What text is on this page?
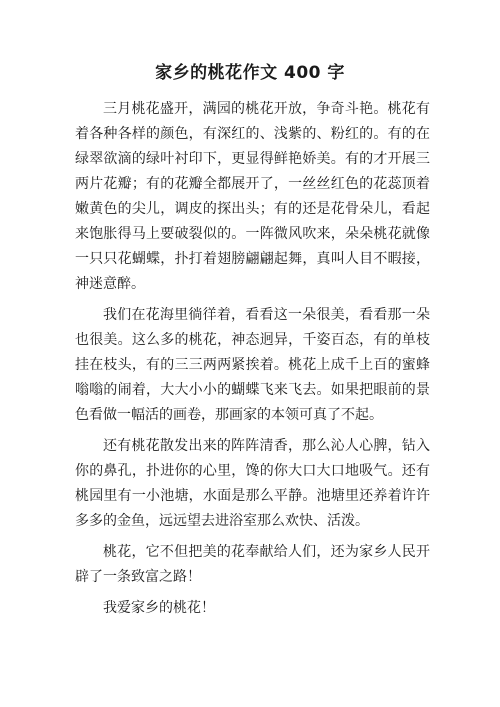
家乡的桃花作文 400 字

三月桃花盛开，满园的桃花开放，争奇斗艳。桃花有着各种各样的颜色，有深红的、浅紫的、粉红的。有的在绿翠欲滴的绿叶衬印下，更显得鲜艳娇美。有的才开展三两片花瓣；有的花瓣全都展开了，一丝丝红色的花蕊顶着嫩黄色的尖儿，调皮的探出头；有的还是花骨朵儿，看起来饱胀得马上要破裂似的。一阵微风吹来，朵朵桃花就像一只只花蝴蝶，扑打着翅膀翩翩起舞，真叫人目不暇接，神迷意醉。

我们在花海里徜徉着，看看这一朵很美，看看那一朵也很美。这么多的桃花，神态迥异，千姿百态，有的单枝挂在枝头，有的三三两两紧挨着。桃花上成千上百的蜜蜂嗡嗡的闹着，大大小小的蝴蝶飞来飞去。如果把眼前的景色看做一幅活的画卷，那画家的本领可真了不起。

还有桃花散发出来的阵阵清香，那么沁人心脾，钻入你的鼻孔，扑进你的心里，馋的你大口大口地吸气。还有桃园里有一小池塘，水面是那么平静。池塘里还养着许许多多的金鱼，远远望去进浴室那么欢快、活泼。

桃花，它不但把美的花奉献给人们，还为家乡人民开辟了一条致富之路！

我爱家乡的桃花！
